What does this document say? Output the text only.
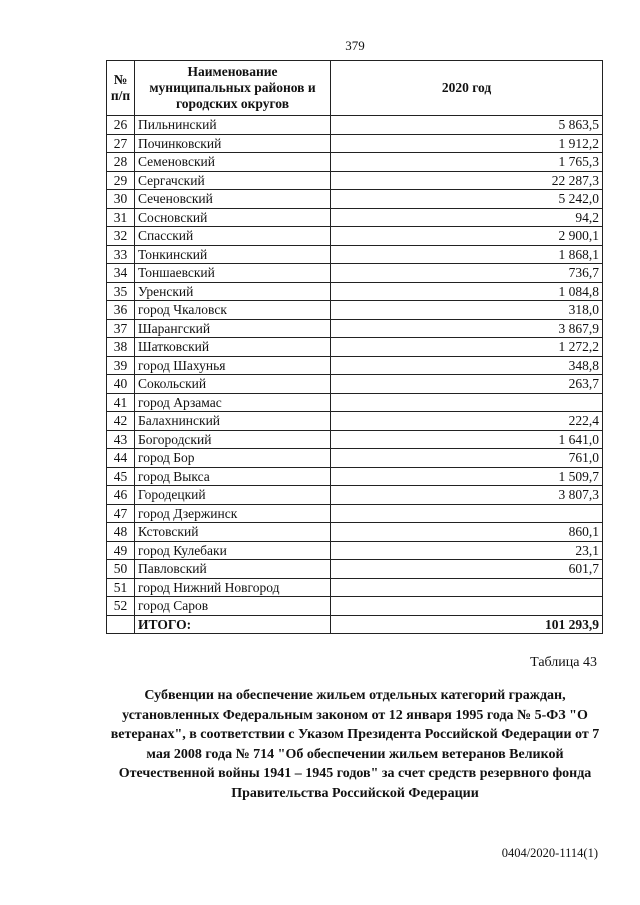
379
№
п/п	Наименование муниципальных районов и городских округов	2020 год
26	Пильнинский	5 863,5
27	Починковский	1 912,2
28	Семеновский	1 765,3
29	Сергачский	22 287,3
30	Сеченовский	5 242,0
31	Сосновский	94,2
32	Спасский	2 900,1
33	Тонкинский	1 868,1
34	Тоншаевский	736,7
35	Уренский	1 084,8
36	город Чкаловск	318,0
37	Шарангский	3 867,9
38	Шатковский	1 272,2
39	город Шахунья	348,8
40	Сокольский	263,7
41	город Арзамас	
42	Балахнинский	222,4
43	Богородский	1 641,0
44	город Бор	761,0
45	город Выкса	1 509,7
46	Городецкий	3 807,3
47	город Дзержинск	
48	Кстовский	860,1
49	город Кулебаки	23,1
50	Павловский	601,7
51	город Нижний Новгород	
52	город Саров	
	ИТОГО:	101 293,9
Таблица 43
Субвенции на обеспечение жильем отдельных категорий граждан, установленных Федеральным законом от 12 января 1995 года № 5-ФЗ "О ветеранах", в соответствии с Указом Президента Российской Федерации от 7 мая 2008 года № 714 "Об обеспечении жильем ветеранов Великой Отечественной войны 1941 – 1945 годов" за счет средств резервного фонда Правительства Российской Федерации
0404/2020-1114(1)
